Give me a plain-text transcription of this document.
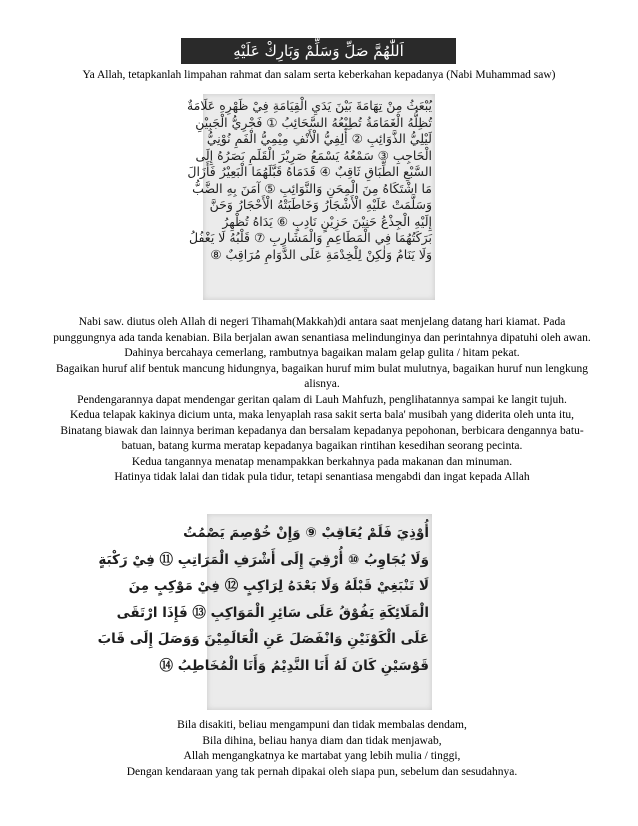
اَللّٰهُمَّ صَلِّ وَسَلِّمْ وَبَارِكْ عَلَيْهِ
Ya Allah, tetapkanlah limpahan rahmat dan salam serta keberkahan kepadanya (Nabi Muhammad saw)
يُبْعَثُ مِنْ تِهَامَةَ بَيْنَ يَدَيِ الْقِيَامَةِ فِيْ ظَهْرِهِ عَلَامَةٌ
تُظِلُّهُ الْغَمَامَةُ تُطِيْعُهُ السَّحَائِبُ ① فَجْرِيُّ الْجَبِيْنِ
لَيْلِيُّ الذَّوَائِبِ ② أَلِفِيُّ الْأَنْفِ مِيْمِيُّ الْفَمِ نُوْنِيُّ
الْحَاجِبِ ③ سَمْعُهُ يَسْمَعُ صَرِيْرَ الْقَلَمِ بَصَرُهُ إِلَى
السَّبْعِ الطِّبَاقِ ثَاقِبٌ ④ قَدَمَاهُ قَبَّلَهُمَا الْبَعِيْرُ فَأَزَالَ
مَا اشْتَكَاهُ مِنَ الْمِحَنِ وَالنَّوَائِبِ ⑤ آمَنَ بِهِ الضَّبُّ
وَسَلَّمَتْ عَلَيْهِ الْأَشْجَارُ وَخَاطَبَتْهُ الْأَحْجَارُ وَحَنَّ
إِلَيْهِ الْجِذْعُ حَنِيْنَ حَزِيْنٍ نَادِبٍ ⑥ يَدَاهُ تُظْهِرُ
بَرَكَتُهُمَا فِي الْمَطَاعِمِ وَالْمَشَارِبِ ⑦ قَلْبُهُ لَا يَغْفُلُ
وَلَا يَنَامُ وَلٰكِنْ لِلْخِدْمَةِ عَلَى الدَّوَامِ مُرَاقِبٌ ⑧

Nabi saw. diutus oleh Allah di negeri Tihamah(Makkah)di antara saat menjelang datang hari kiamat. Pada punggungnya ada tanda kenabian. Bila berjalan awan senantiasa melindunginya dan perintahnya dipatuhi oleh awan.

Dahinya bercahaya cemerlang, rambutnya bagaikan malam gelap gulita / hitam pekat.

Bagaikan huruf alif bentuk mancung hidungnya, bagaikan huruf mim bulat mulutnya, bagaikan huruf nun lengkung alisnya.

Pendengarannya dapat mendengar geritan qalam di Lauh Mahfuzh, penglihatannya sampai ke langit tujuh.

Kedua telapak kakinya dicium unta, maka lenyaplah rasa sakit serta bala' musibah yang diderita oleh unta itu,

Binatang biawak dan lainnya beriman kepadanya dan bersalam kepadanya pepohonan, berbicara dengannya batu-batuan, batang kurma meratap kepadanya bagaikan rintihan kesedihan seorang pecinta.

Kedua tangannya menatap menampakkan berkahnya pada makanan dan minuman.

Hatinya tidak lalai dan tidak pula tidur, tetapi senantiasa mengabdi dan ingat kepada Allah

أُوْذِيَ فَلَمْ يُعَاقِبْ ⑨ وَإِنْ خُوْصِمَ يَصْمُتُ
وَلَا يُجَاوِبُ ⑩ أُرْقِيَ إِلَى أَشْرَفِ الْمَرَاتِبِ ⑪ فِيْ رَكْبَةٍ
لَا تَنْبَغِيْ قَبْلَهُ وَلَا بَعْدَهُ لِرَاكِبٍ ⑫ فِيْ مَوْكِبٍ مِنَ
الْمَلَائِكَةِ يَفُوْقُ عَلَى سَائِرِ الْمَوَاكِبِ ⑬ فَإِذَا ارْتَقَى
عَلَى الْكَوْنَيْنِ وَانْفَصَلَ عَنِ الْعَالَمِيْنَ وَوَصَلَ إِلَى قَابَ
قَوْسَيْنِ كَانَ لَهُ أَنَا النَّدِيْمُ وَأَنَا الْمُخَاطِبُ ⑭

Bila disakiti, beliau mengampuni dan tidak membalas dendam,

Bila dihina, beliau hanya diam dan tidak menjawab,

Allah mengangkatnya ke martabat yang lebih mulia / tinggi,

Dengan kendaraan yang tak pernah dipakai oleh siapa pun, sebelum dan sesudahnya.
